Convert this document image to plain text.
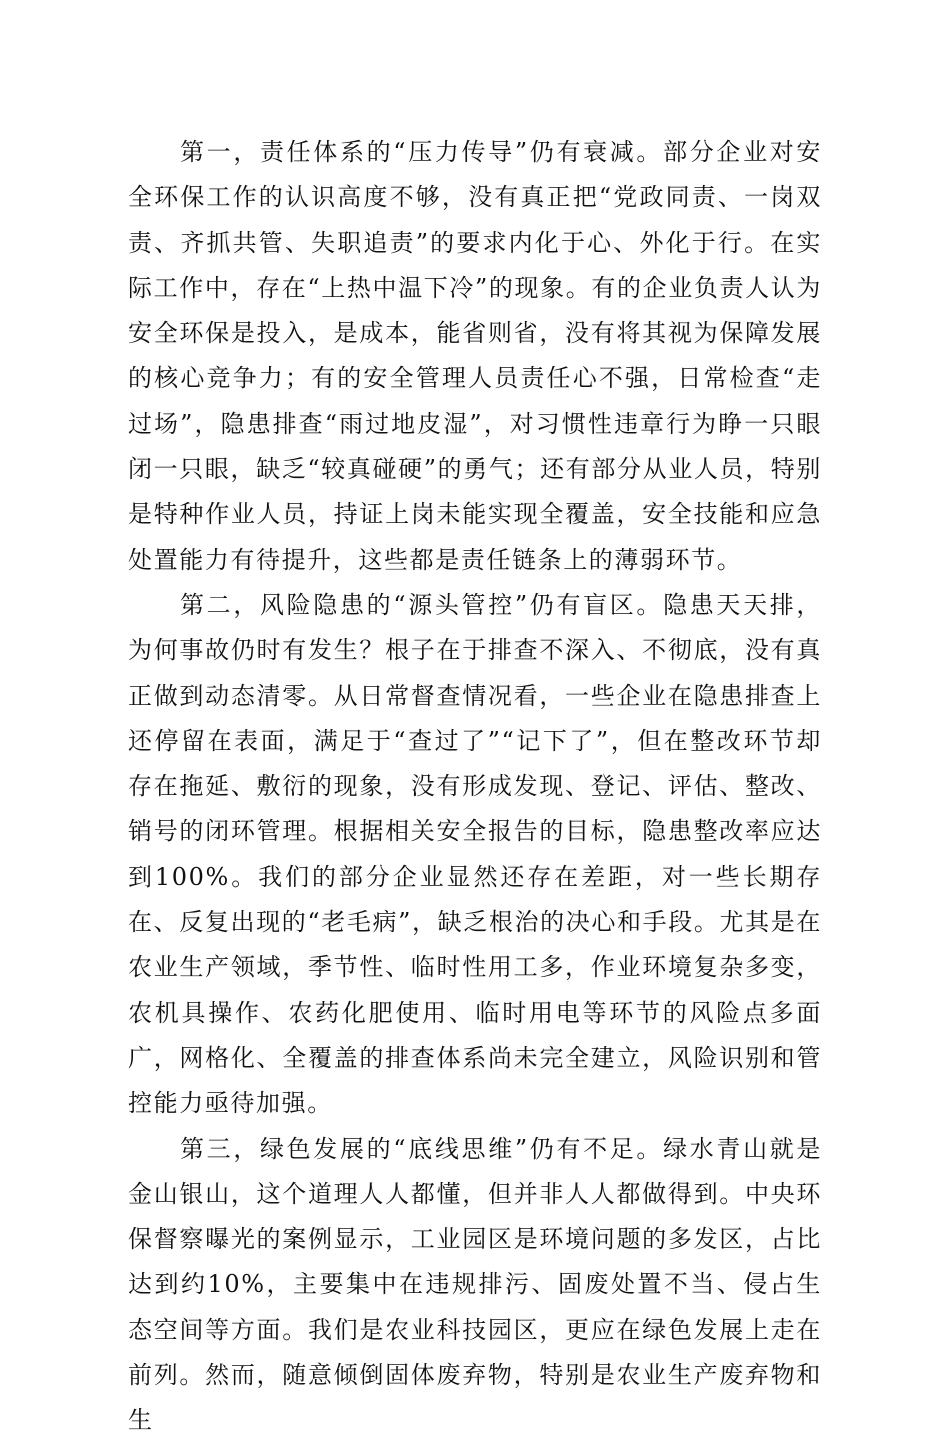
第一，责任体系的“压力传导”仍有衰减。部分企业对安全环保工作的认识高度不够，没有真正把“党政同责、一岗双责、齐抓共管、失职追责”的要求内化于心、外化于行。在实际工作中，存在“上热中温下冷”的现象。有的企业负责人认为安全环保是投入，是成本，能省则省，没有将其视为保障发展的核心竞争力；有的安全管理人员责任心不强，日常检查“走过场”，隐患排查“雨过地皮湿”，对习惯性违章行为睁一只眼闭一只眼，缺乏“较真碰硬”的勇气；还有部分从业人员，特别是特种作业人员，持证上岗未能实现全覆盖，安全技能和应急处置能力有待提升，这些都是责任链条上的薄弱环节。

第二，风险隐患的“源头管控”仍有盲区。隐患天天排，为何事故仍时有发生？根子在于排查不深入、不彻底，没有真正做到动态清零。从日常督查情况看，一些企业在隐患排查上还停留在表面，满足于“查过了”“记下了”，但在整改环节却存在拖延、敷衍的现象，没有形成发现、登记、评估、整改、销号的闭环管理。根据相关安全报告的目标，隐患整改率应达到100%。我们的部分企业显然还存在差距，对一些长期存在、反复出现的“老毛病”，缺乏根治的决心和手段。尤其是在农业生产领域，季节性、临时性用工多，作业环境复杂多变，农机具操作、农药化肥使用、临时用电等环节的风险点多面广，网格化、全覆盖的排查体系尚未完全建立，风险识别和管控能力亟待加强。

第三，绿色发展的“底线思维”仍有不足。绿水青山就是金山银山，这个道理人人都懂，但并非人人都做得到。中央环保督察曝光的案例显示，工业园区是环境问题的多发区，占比达到约10%，主要集中在违规排污、固废处置不当、侵占生态空间等方面。我们是农业科技园区，更应在绿色发展上走在前列。然而，随意倾倒固体废弃物，特别是农业生产废弃物和生
